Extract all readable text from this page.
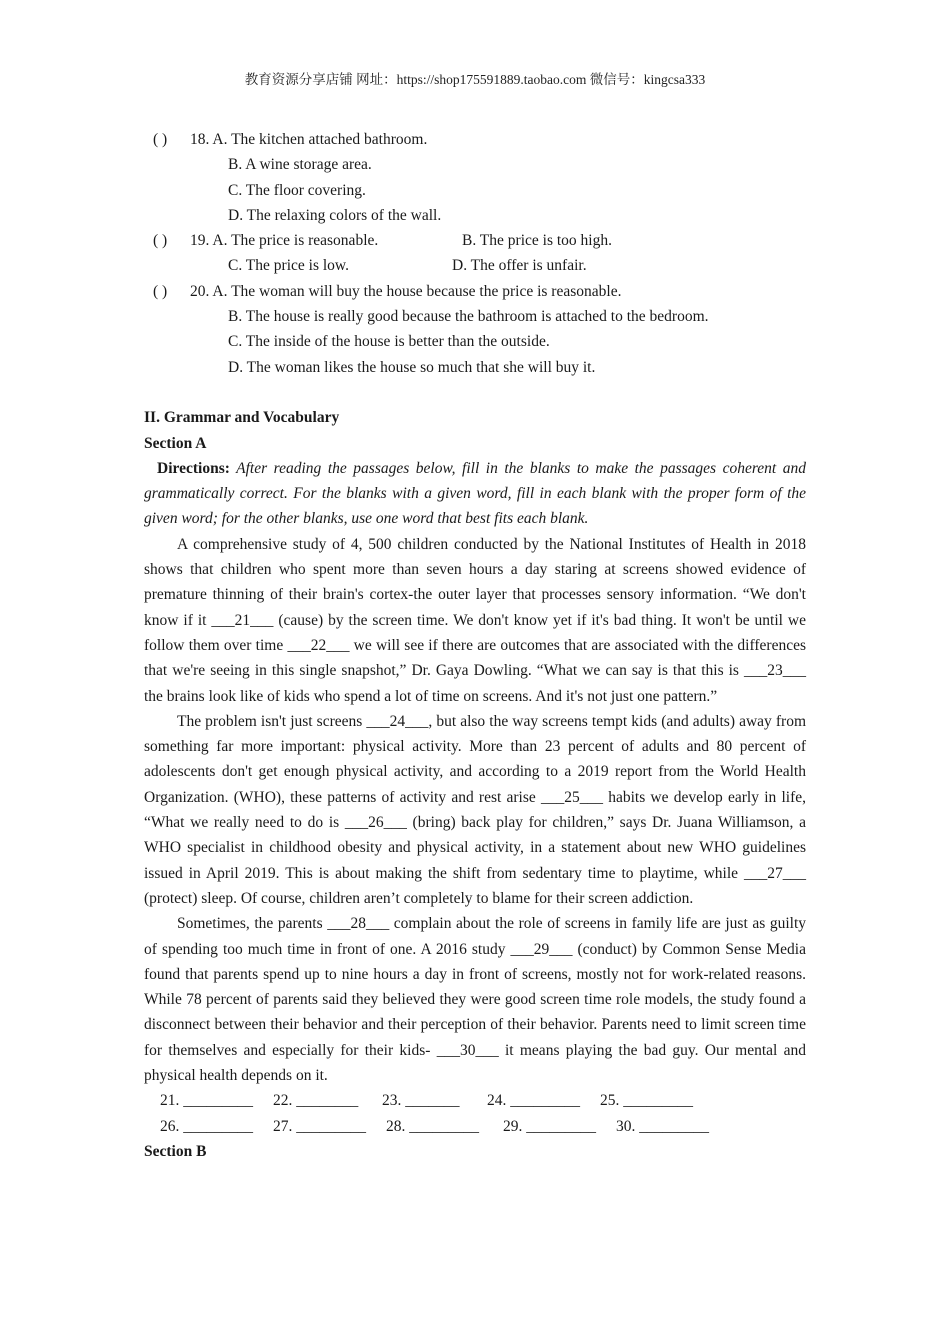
教育资源分享店铺 网址：https://shop175591889.taobao.com 微信号：kingcsa333
( ) 18. A. The kitchen attached bathroom.
B. A wine storage area.
C. The floor covering.
D. The relaxing colors of the wall.
( ) 19. A. The price is reasonable.	B. The price is too high.
C. The price is low.	D. The offer is unfair.
( ) 20. A. The woman will buy the house because the price is reasonable.
B. The house is really good because the bathroom is attached to the bedroom.
C. The inside of the house is better than the outside.
D. The woman likes the house so much that she will buy it.
II. Grammar and Vocabulary
Section A

Directions: After reading the passages below, fill in the blanks to make the passages coherent and grammatically correct. For the blanks with a given word, fill in each blank with the proper form of the given word; for the other blanks, use one word that best fits each blank.

A comprehensive study of 4, 500 children conducted by the National Institutes of Health in 2018 shows that children who spent more than seven hours a day staring at screens showed evidence of premature thinning of their brain's cortex-the outer layer that processes sensory information. “We don't know if it ___21___ (cause) by the screen time. We don't know yet if it's bad thing. It won't be until we follow them over time ___22___ we will see if there are outcomes that are associated with the differences that we're seeing in this single snapshot,” Dr. Gaya Dowling. “What we can say is that this is ___23___ the brains look like of kids who spend a lot of time on screens. And it's not just one pattern.”

The problem isn't just screens ___24___, but also the way screens tempt kids (and adults) away from something far more important: physical activity. More than 23 percent of adults and 80 percent of adolescents don't get enough physical activity, and according to a 2019 report from the World Health Organization. (WHO), these patterns of activity and rest arise ___25___ habits we develop early in life, “What we really need to do is ___26___ (bring) back play for children,” says Dr. Juana Williamson, a WHO specialist in childhood obesity and physical activity, in a statement about new WHO guidelines issued in April 2019. This is about making the shift from sedentary time to playtime, while ___27___ (protect) sleep. Of course, children aren’t completely to blame for their screen addiction.

Sometimes, the parents ___28___ complain about the role of screens in family life are just as guilty of spending too much time in front of one. A 2016 study ___29___ (conduct) by Common Sense Media found that parents spend up to nine hours a day in front of screens, mostly not for work-related reasons. While 78 percent of parents said they believed they were good screen time role models, the study found a disconnect between their behavior and their perception of their behavior. Parents need to limit screen time for themselves and especially for their kids- ___30___ it means playing the bad guy. Our mental and physical health depends on it.

21. _________ 22. ________ 23. _______ 24. _________ 25. _________
26. _________ 27. _________ 28. _________ 29. _________ 30. _________
Section B
